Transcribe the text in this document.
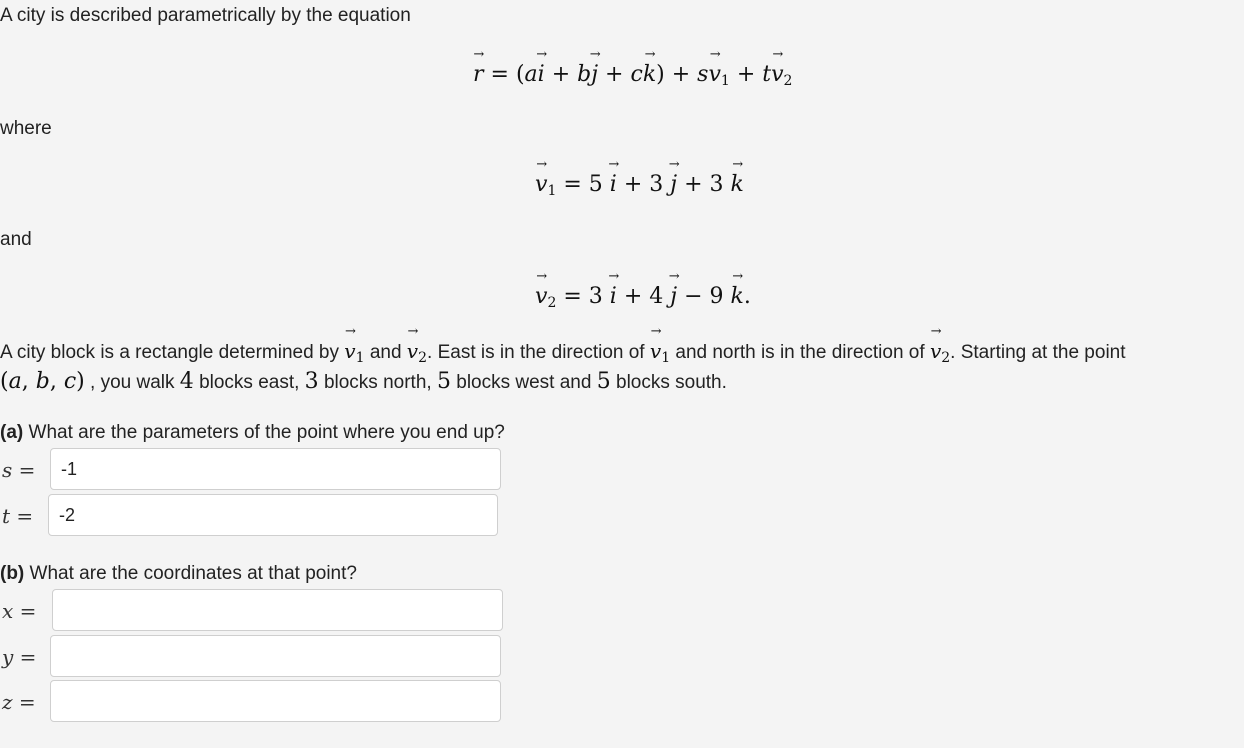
A city is described parametrically by the equation
→ $r = (a\to i + b\to j + c\to k) + s\to v_1 + t\to v_2$
where
→ $v_1 = 5 \to i + 3 \to j + 3 \to k$
and
→ $v_2 = 3 \to i + 4 \to j - 9 \to k$.
A city block is a rectangle determined by → $v_1$ and → $v_2$. East is in the direction of → $v_1$ and north is in the direction of → $v_2$. Starting at the point
(a, b, c) , you walk 4 blocks east, 3 blocks north, 5 blocks west and 5 blocks south.
(a) What are the parameters of the point where you end up?
s =	-1
t =	-2
(b) What are the coordinates at that point?
x =
y =
z =
